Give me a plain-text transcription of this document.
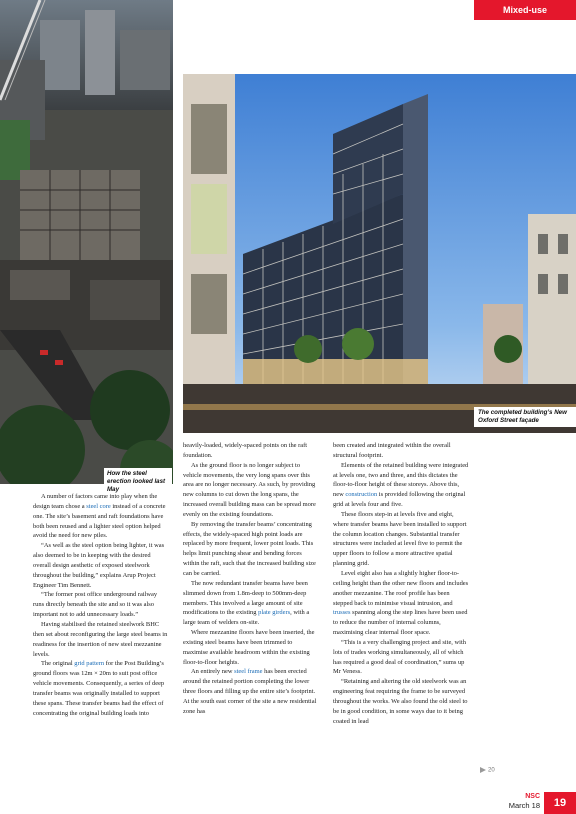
Mixed-use
How the steel erection looked last May
The completed building’s New Oxford Street façade

A number of factors came into play when the design team chose a steel core instead of a concrete one. The site’s basement and raft foundations have both been reused and a lighter steel option helped avoid the need for new piles.

“As well as the steel option being lighter, it was also deemed to be in keeping with the desired overall design aesthetic of exposed steelwork throughout the building,” explains Arup Project Engineer Tim Bennett.

“The former post office underground railway runs directly beneath the site and so it was also important not to add unnecessary loads.”

Having stabilised the retained steelwork BHC then set about reconfiguring the large steel beams in readiness for the insertion of new steel mezzanine levels.

The original grid pattern for the Post Building’s ground floors was 12m × 20m to suit post office vehicle movements. Consequently, a series of deep transfer beams was originally installed to support these spans. These transfer beams had the effect of concentrating the original building loads into

heavily-loaded, widely-spaced points on the raft foundation.

As the ground floor is no longer subject to vehicle movements, the very long spans over this area are no longer necessary. As such, by providing new columns to cut down the long spans, the increased overall building mass can be spread more evenly on the existing foundations.

By removing the transfer beams’ concentrating effects, the widely-spaced high point loads are replaced by more frequent, lower point loads. This helps limit punching shear and bending forces within the raft, such that the increased building size can be carried.

The now redundant transfer beams have been slimmed down from 1.8m-deep to 500mm-deep members. This involved a large amount of site modifications to the existing plate girders, with a large team of welders on-site.

Where mezzanine floors have been inserted, the existing steel beams have been trimmed to maximise available headroom within the existing floor-to-floor heights.

An entirely new steel frame has been erected around the retained portion completing the lower three floors and filling up the entire site’s footprint. At the south east corner of the site a new residential zone has

been created and integrated within the overall structural footprint.

Elements of the retained building were integrated at levels one, two and three, and this dictates the floor-to-floor height of these storeys. Above this, new construction is provided following the original grid at levels four and five.

These floors step-in at levels five and eight, where transfer beams have been installed to support the column location changes. Substantial transfer structures were included at level five to permit the upper floors to follow a more attractive spatial planning grid.

Level eight also has a slightly higher floor-to-ceiling height than the other new floors and includes another mezzanine. The roof profile has been stepped back to minimise visual intrusion, and trusses spanning along the step lines have been used to reduce the number of internal columns, maximising clear internal floor space.

“This is a very challenging project and site, with lots of trades working simultaneously, all of which has required a good deal of coordination,” sums up Mr Veness.

“Retaining and altering the old steelwork was an engineering feat requiring the frame to be surveyed throughout the works. We also found the old steel to be in good condition, in some ways due to it being coated in lead

20
NSC
March 18	19
